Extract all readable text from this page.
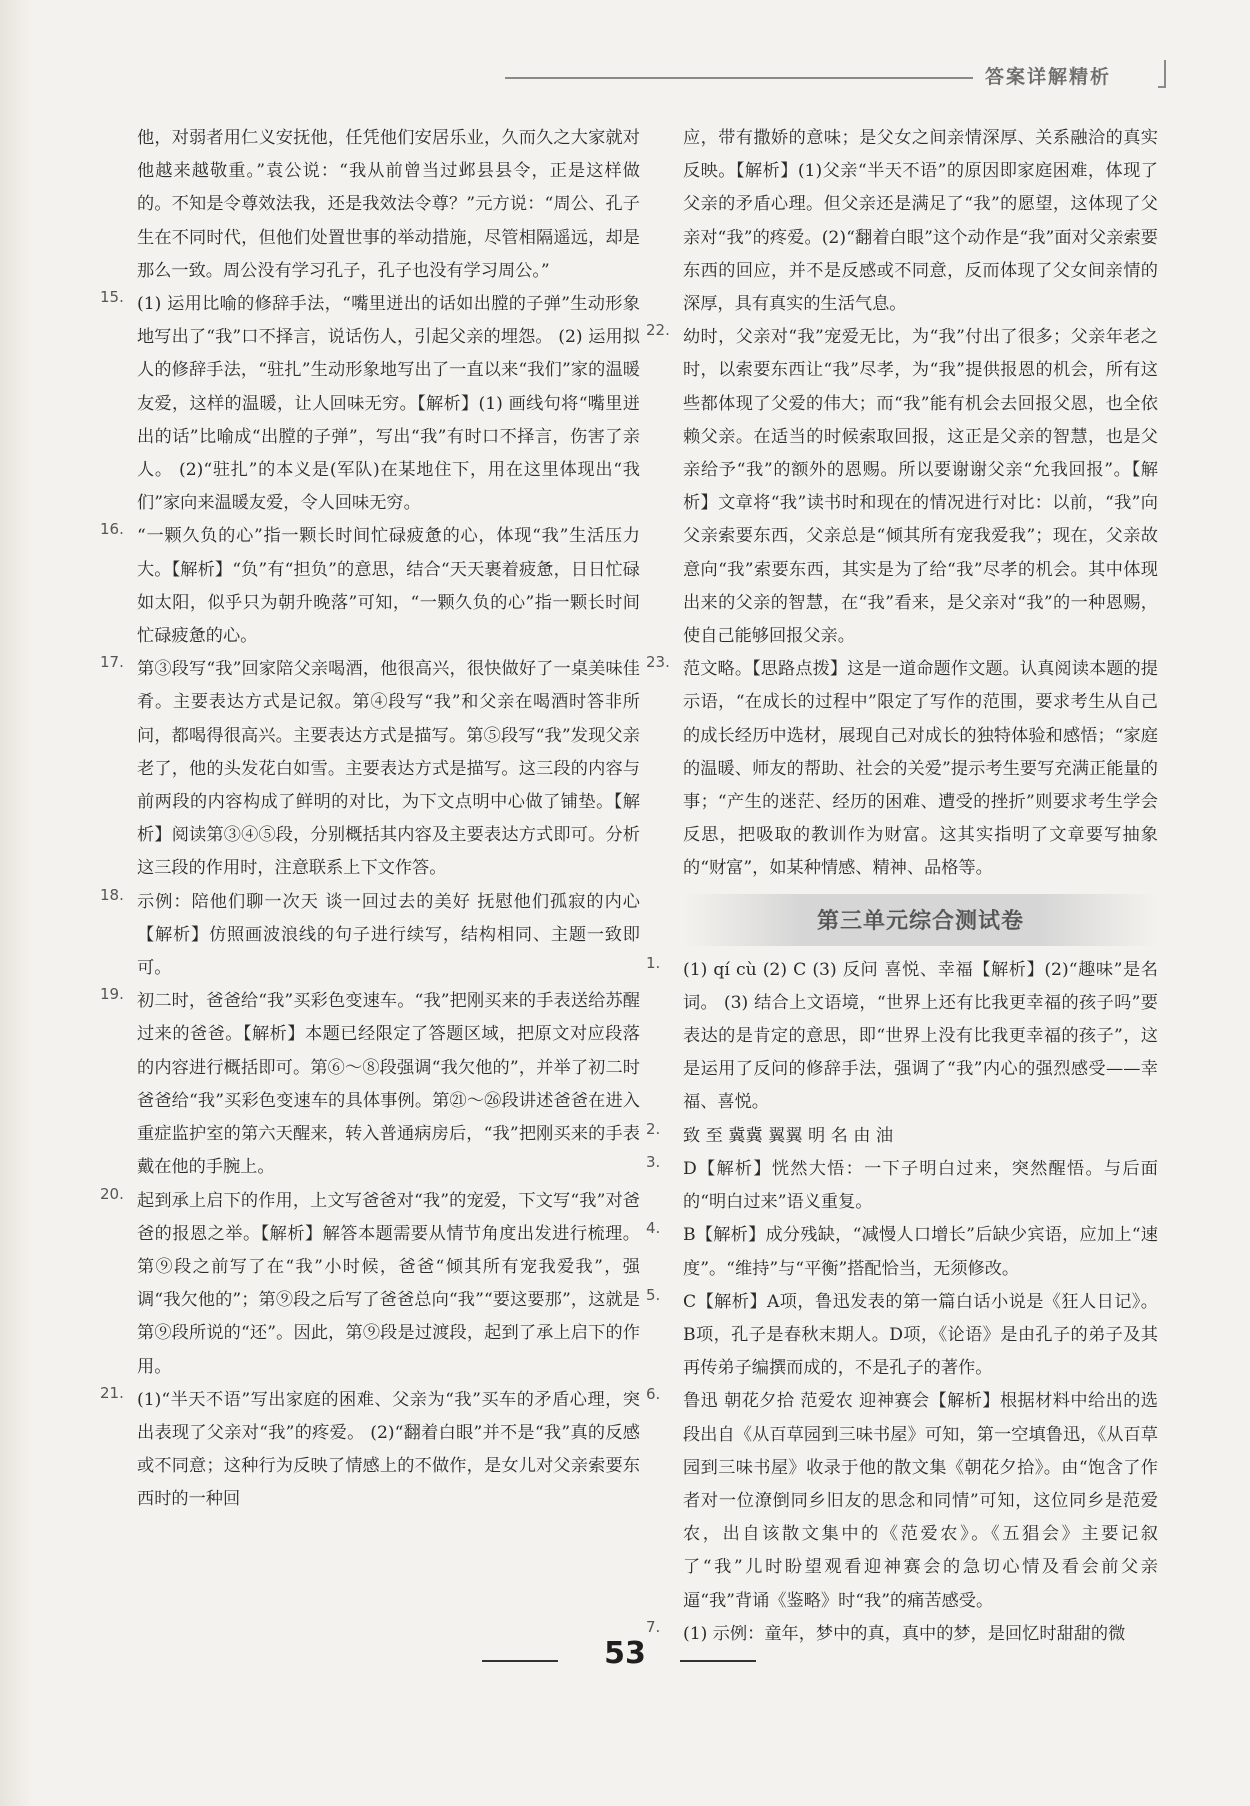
答案详解精析
他，对弱者用仁义安抚他，任凭他们安居乐业，久而久之大家就对他越来越敬重。”袁公说：“我从前曾当过邺县县令，正是这样做的。不知是令尊效法我，还是我效法令尊？”元方说：“周公、孔子生在不同时代，但他们处置世事的举动措施，尽管相隔遥远，却是那么一致。周公没有学习孔子，孔子也没有学习周公。”
15. (1) 运用比喻的修辞手法，“嘴里迸出的话如出膛的子弹”生动形象地写出了“我”口不择言，说话伤人，引起父亲的埋怨。 (2) 运用拟人的修辞手法，“驻扎”生动形象地写出了一直以来“我们”家的温暖友爱，这样的温暖，让人回味无穷。【解析】(1) 画线句将“嘴里迸出的话”比喻成“出膛的子弹”，写出“我”有时口不择言，伤害了亲人。 (2)“驻扎”的本义是(军队)在某地住下，用在这里体现出“我们”家向来温暖友爱，令人回味无穷。
16. “一颗久负的心”指一颗长时间忙碌疲惫的心，体现“我”生活压力大。【解析】“负”有“担负”的意思，结合“天天裹着疲惫，日日忙碌如太阳，似乎只为朝升晚落”可知，“一颗久负的心”指一颗长时间忙碌疲惫的心。
17. 第③段写“我”回家陪父亲喝酒，他很高兴，很快做好了一桌美味佳肴。主要表达方式是记叙。第④段写“我”和父亲在喝酒时答非所问，都喝得很高兴。主要表达方式是描写。第⑤段写“我”发现父亲老了，他的头发花白如雪。主要表达方式是描写。这三段的内容与前两段的内容构成了鲜明的对比，为下文点明中心做了铺垫。【解析】阅读第③④⑤段，分别概括其内容及主要表达方式即可。分析这三段的作用时，注意联系上下文作答。
18. 示例：陪他们聊一次天 谈一回过去的美好 抚慰他们孤寂的内心【解析】仿照画波浪线的句子进行续写，结构相同、主题一致即可。
19. 初二时，爸爸给“我”买彩色变速车。“我”把刚买来的手表送给苏醒过来的爸爸。【解析】本题已经限定了答题区域，把原文对应段落的内容进行概括即可。第⑥～⑧段强调“我欠他的”，并举了初二时爸爸给“我”买彩色变速车的具体事例。第㉑～㉖段讲述爸爸在进入重症监护室的第六天醒来，转入普通病房后，“我”把刚买来的手表戴在他的手腕上。
20. 起到承上启下的作用，上文写爸爸对“我”的宠爱，下文写“我”对爸爸的报恩之举。【解析】解答本题需要从情节角度出发进行梳理。第⑨段之前写了在“我”小时候，爸爸“倾其所有宠我爱我”，强调“我欠他的”；第⑨段之后写了爸爸总向“我”“要这要那”，这就是第⑨段所说的“还”。因此，第⑨段是过渡段，起到了承上启下的作用。
21. (1)“半天不语”写出家庭的困难、父亲为“我”买车的矛盾心理，突出表现了父亲对“我”的疼爱。 (2)“翻着白眼”并不是“我”真的反感或不同意；这种行为反映了情感上的不做作，是女儿对父亲索要东西时的一种回
应，带有撒娇的意味；是父女之间亲情深厚、关系融洽的真实反映。【解析】(1)父亲“半天不语”的原因即家庭困难，体现了父亲的矛盾心理。但父亲还是满足了“我”的愿望，这体现了父亲对“我”的疼爱。(2)“翻着白眼”这个动作是“我”面对父亲索要东西的回应，并不是反感或不同意，反而体现了父女间亲情的深厚，具有真实的生活气息。
22. 幼时，父亲对“我”宠爱无比，为“我”付出了很多；父亲年老之时，以索要东西让“我”尽孝，为“我”提供报恩的机会，所有这些都体现了父爱的伟大；而“我”能有机会去回报父恩，也全依赖父亲。在适当的时候索取回报，这正是父亲的智慧，也是父亲给予“我”的额外的恩赐。所以要谢谢父亲“允我回报”。【解析】文章将“我”读书时和现在的情况进行对比：以前，“我”向父亲索要东西，父亲总是“倾其所有宠我爱我”；现在，父亲故意向“我”索要东西，其实是为了给“我”尽孝的机会。其中体现出来的父亲的智慧，在“我”看来，是父亲对“我”的一种恩赐，使自己能够回报父亲。
23. 范文略。【思路点拨】这是一道命题作文题。认真阅读本题的提示语，“在成长的过程中”限定了写作的范围，要求考生从自己的成长经历中选材，展现自己对成长的独特体验和感悟；“家庭的温暖、师友的帮助、社会的关爱”提示考生要写充满正能量的事；“产生的迷茫、经历的困难、遭受的挫折”则要求考生学会反思，把吸取的教训作为财富。这其实指明了文章要写抽象的“财富”，如某种情感、精神、品格等。
第三单元综合测试卷
1. (1) qí cù (2) C (3) 反问 喜悦、幸福【解析】(2)“趣味”是名词。 (3) 结合上文语境，“世界上还有比我更幸福的孩子吗”要表达的是肯定的意思，即“世界上没有比我更幸福的孩子”，这是运用了反问的修辞手法，强调了“我”内心的强烈感受——幸福、喜悦。
2. 致 至 冀冀 翼翼 明 名 由 油
3. D【解析】恍然大悟：一下子明白过来，突然醒悟。与后面的“明白过来”语义重复。
4. B【解析】成分残缺，“减慢人口增长”后缺少宾语，应加上“速度”。“维持”与“平衡”搭配恰当，无须修改。
5. C【解析】A项，鲁迅发表的第一篇白话小说是《狂人日记》。B项，孔子是春秋末期人。D项，《论语》是由孔子的弟子及其再传弟子编撰而成的，不是孔子的著作。
6. 鲁迅 朝花夕拾 范爱农 迎神赛会【解析】根据材料中给出的选段出自《从百草园到三味书屋》可知，第一空填鲁迅，《从百草园到三味书屋》收录于他的散文集《朝花夕拾》。由“饱含了作者对一位潦倒同乡旧友的思念和同情”可知，这位同乡是范爱农，出自该散文集中的《范爱农》。《五猖会》主要记叙了“我”儿时盼望观看迎神赛会的急切心情及看会前父亲逼“我”背诵《鉴略》时“我”的痛苦感受。
7. (1) 示例：童年，梦中的真，真中的梦，是回忆时甜甜的微
53
